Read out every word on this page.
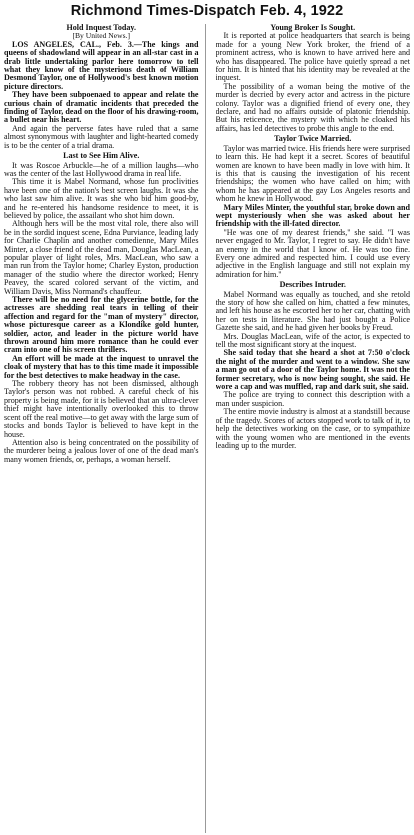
Richmond Times-Dispatch Feb. 4, 1922

Hold Inquest Today.

[By United News.]

LOS ANGELES, CAL., Feb. 3.—The kings and queens of shadowland will appear in an all-star cast in a drab little undertaking parlor here tomorrow to tell what they know of the mysterious death of William Desmond Taylor, one of Hollywood's best known motion picture directors.

They have been subpoenaed to appear and relate the curious chain of dramatic incidents that preceded the finding of Taylor, dead on the floor of his drawing-room, a bullet near his heart.

And again the perverse fates have ruled that a same almost synonymous with laughter and light-hearted comedy is to be the center of a trial drama.

Last to See Him Alive.

It was Roscoe Arbuckle—he of a million laughs—who was the center of the last Hollywood drama in real life.

This time it is Mabel Normand, whose fun proclivities have been one of the nation's best screen laughs. It was she who last saw him alive. It was she who bid him good-by, and he re-entered his handsome residence to meet, it is believed by police, the assailant who shot him down.

Although hers will be the most vital role, there also will be in the sordid inquest scene, Edna Purviance, leading lady for Charlie Chaplin and another comedienne, Mary Miles Minter, a close friend of the dead man, Douglas MacLean, a popular player of light roles, Mrs. MacLean, who saw a man run from the Taylor home; Charley Eyston, production manager of the studio where the director worked; Henry Peavey, the scared colored servant of the victim, and William Davis, Miss Normand's chauffeur.

There will be no need for the glycerine bottle, for the actresses are shedding real tears in telling of their affection and regard for the "man of mystery" director, whose picturesque career as a Klondike gold hunter, soldier, actor, and leader in the picture world have thrown around him more romance than he could ever cram into one of his screen thrillers.

An effort will be made at the inquest to unravel the cloak of mystery that has to this time made it impossible for the best detectives to make headway in the case.

The robbery theory has not been dismissed, although Taylor's person was not robbed. A careful check of his property is being made, for it is believed that an ultra-clever thief might have intentionally overlooked this to throw scent off the real motive—to get away with the large sum of stocks and bonds Taylor is believed to have kept in the house.

Attention also is being concentrated on the possibility of the murderer being a jealous lover of one of the dead man's many women friends, or, perhaps, a woman herself.

Young Broker Is Sought.

It is reported at police headquarters that search is being made for a young New York broker, the friend of a prominent actress, who is known to have arrived here and who has disappeared. The police have quietly spread a net for him. It is hinted that his identity may be revealed at the inquest.

The possibility of a woman being the motive of the murder is decried by every actor and actress in the picture colony. Taylor was a dignified friend of every one, they declare, and had no affairs outside of platonic friendship. But his reticence, the mystery with which he cloaked his affairs, has led detectives to probe this angle to the end.

Taylor Twice Married.

Taylor was married twice. His friends here were surprised to learn this. He had kept it a secret. Scores of beautiful women are known to have been madly in love with him. It is this that is causing the investigation of his recent friendships; the women who have called on him; with whom he has appeared at the gay Los Angeles resorts and whom he knew in Hollywood.

Mary Miles Minter, the youthful star, broke down and wept mysteriously when she was asked about her friendship with the ill-fated director.

"He was one of my dearest friends," she said. "I was never engaged to Mr. Taylor, I regret to say. He didn't have an enemy in the world that I know of. He was too fine. Every one admired and respected him. I could use every adjective in the English language and still not explain my admiration for him."

Describes Intruder.

Mabel Normand was equally as touched, and she retold the story of how she called on him, chatted a few minutes, and left his house as he escorted her to her car, chatting with her on tests in literature. She had just bought a Police Gazette she said, and he had given her books by Freud.

Mrs. Douglas MacLean, wife of the actor, is expected to tell the most significant story at the inquest.

She said today that she heard a shot at 7:50 o'clock the night of the murder and went to a window. She saw a man go out of a door of the Taylor home. It was not the former secretary, who is now being sought, she said. He wore a cap and was muffled, rap and dark suit, she said.

The police are trying to connect this description with a man under suspicion.

The entire movie industry is almost at a standstill because of the tragedy. Scores of actors stopped work to talk of it, to help the detectives working on the case, or to sympathize with the young women who are mentioned in the events leading up to the murder.
